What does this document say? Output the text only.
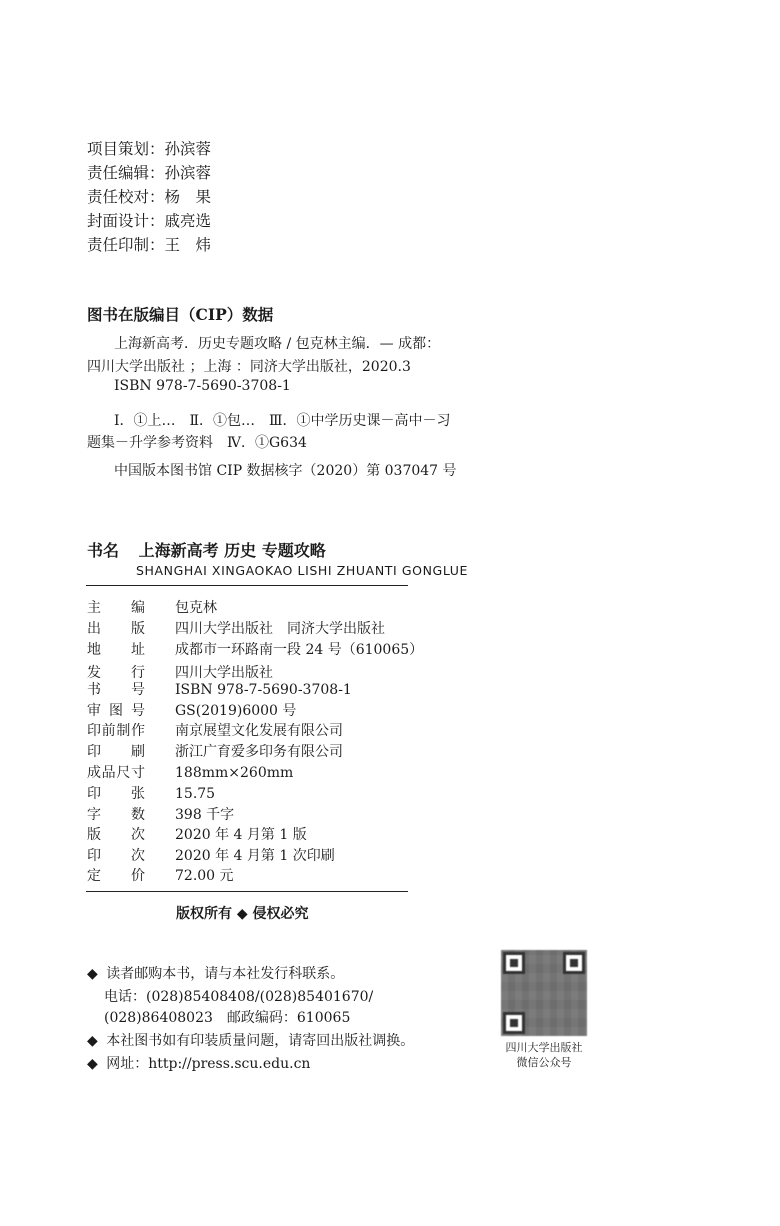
项目策划：孙滨蓉
责任编辑：孙滨蓉
责任校对：杨　果
封面设计：戚亮选
责任印制：王　炜
图书在版编目（CIP）数据
上海新高考．历史专题攻略 / 包克林主编．— 成都：
四川大学出版社 ；上海 ：同济大学出版社，2020.3
ISBN 978-7-5690-3708-1
Ⅰ．①上…　Ⅱ．①包…　Ⅲ．①中学历史课－高中－习
题集－升学参考资料　Ⅳ．①G634
中国版本图书馆 CIP 数据核字（2020）第 037047 号
书名 上海新高考 历史 专题攻略
SHANGHAI XINGAOKAO LISHI ZHUANTI GONGLUE
主编 包克林
出版 四川大学出版社　同济大学出版社
地址 成都市一环路南一段 24 号（610065）
发行 四川大学出版社
书号 ISBN 978-7-5690-3708-1
审图号 GS(2019)6000 号
印前制作 南京展望文化发展有限公司
印刷 浙江广育爱多印务有限公司
成品尺寸 188mm×260mm
印张 15.75
字数 398 千字
版次 2020 年 4 月第 1 版
印次 2020 年 4 月第 1 次印刷
定价 72.00 元
版权所有 ◆ 侵权必究
◆ 读者邮购本书，请与本社发行科联系。
电话：(028)85408408/(028)85401670/
(028)86408023　邮政编码：610065
◆ 本社图书如有印装质量问题，请寄回出版社调换。
◆ 网址：http://press.scu.edu.cn
四川大学出版社
微信公众号
